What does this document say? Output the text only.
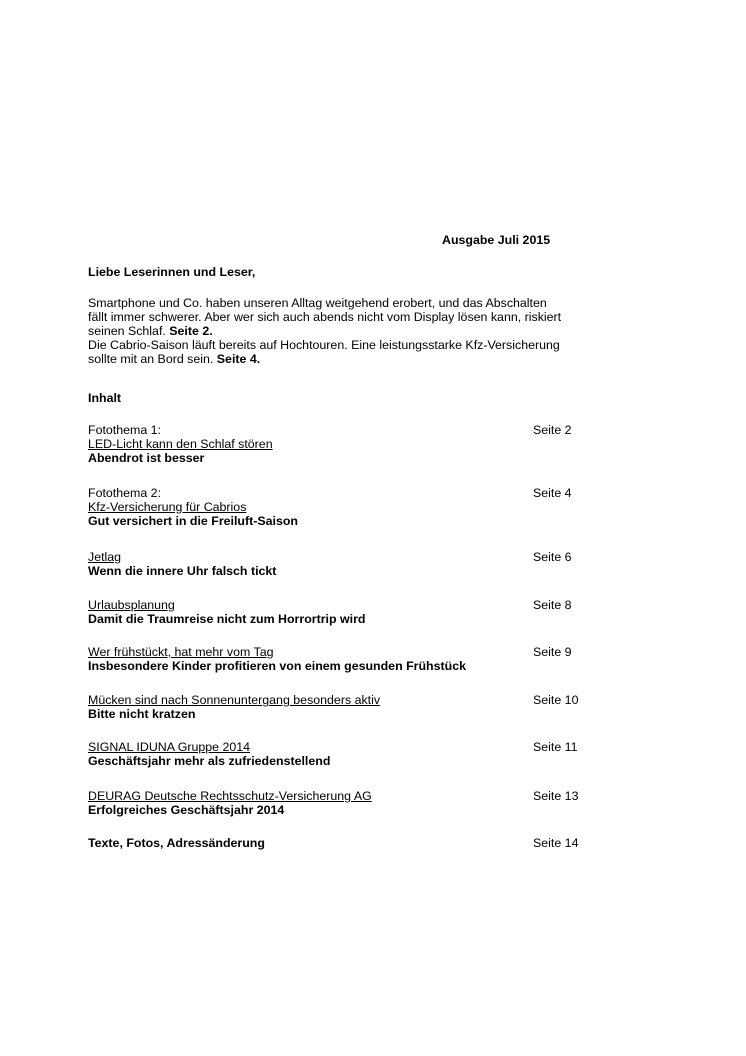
Ausgabe Juli 2015
Liebe Leserinnen und Leser,
Smartphone und Co. haben unseren Alltag weitgehend erobert, und das Abschalten
fällt immer schwerer. Aber wer sich auch abends nicht vom Display lösen kann, riskiert
seinen Schlaf. Seite 2.
Die Cabrio-Saison läuft bereits auf Hochtouren. Eine leistungsstarke Kfz-Versicherung
sollte mit an Bord sein. Seite 4.
Inhalt
Fotothema 1:
LED-Licht kann den Schlaf stören
Abendrot ist besser
Seite 2
Fotothema 2:
Kfz-Versicherung für Cabrios
Gut versichert in die Freiluft-Saison
Seite 4
Jetlag
Wenn die innere Uhr falsch tickt
Seite 6
Urlaubsplanung
Damit die Traumreise nicht zum Horrortrip wird
Seite 8
Wer frühstückt, hat mehr vom Tag
Insbesondere Kinder profitieren von einem gesunden Frühstück
Seite 9
Mücken sind nach Sonnenuntergang besonders aktiv
Bitte nicht kratzen
Seite 10
SIGNAL IDUNA Gruppe 2014
Geschäftsjahr mehr als zufriedenstellend
Seite 11
DEURAG Deutsche Rechtsschutz-Versicherung AG
Erfolgreiches Geschäftsjahr 2014
Seite 13
Texte, Fotos, Adressänderung	Seite 14
